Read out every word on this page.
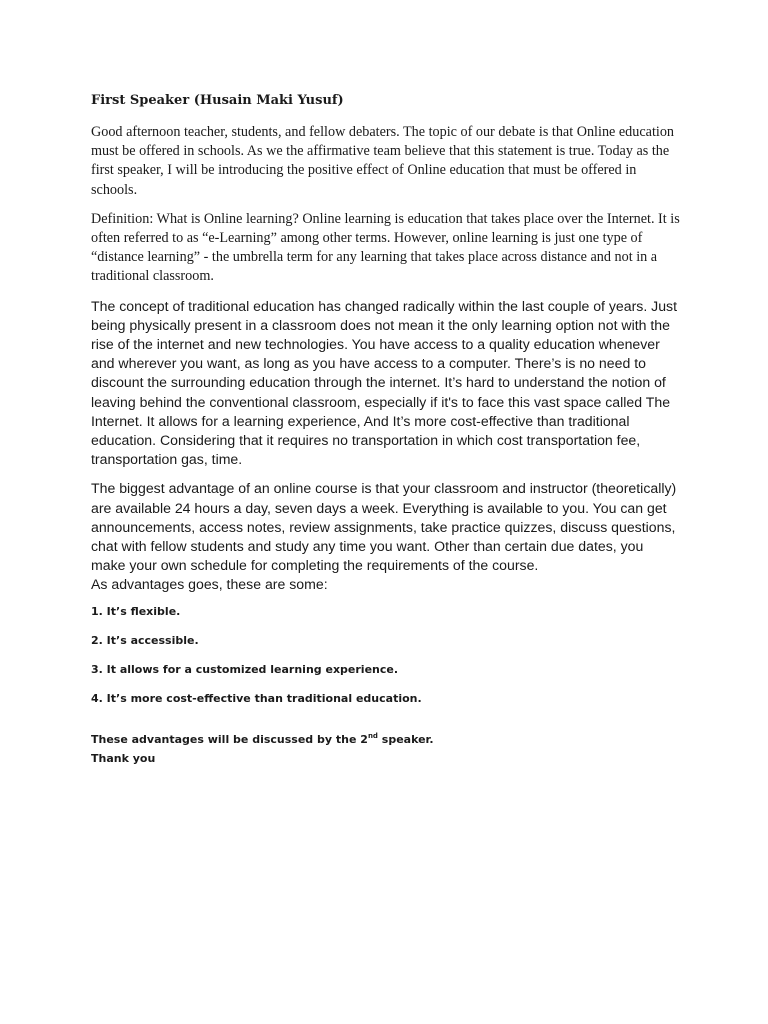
First Speaker (Husain Maki Yusuf)

Good afternoon teacher, students, and fellow debaters. The topic of our debate is that Online education must be offered in schools. As we the affirmative team believe that this statement is true. Today as the first speaker, I will be introducing the positive effect of Online education that must be offered in schools.

Definition: What is Online learning? Online learning is education that takes place over the Internet. It is often referred to as “e-Learning” among other terms. However, online learning is just one type of “distance learning” - the umbrella term for any learning that takes place across distance and not in a traditional classroom.

The concept of traditional education has changed radically within the last couple of years. Just being physically present in a classroom does not mean it the only learning option not with the rise of the internet and new technologies. You have access to a quality education whenever and wherever you want, as long as you have access to a computer. There’s is no need to discount the surrounding education through the internet. It’s hard to understand the notion of leaving behind the conventional classroom, especially if it's to face this vast space called The Internet. It allows for a learning experience, And It’s more cost-effective than traditional education. Considering that it requires no transportation in which cost transportation fee, transportation gas, time.

The biggest advantage of an online course is that your classroom and instructor (theoretically) are available 24 hours a day, seven days a week. Everything is available to you. You can get announcements, access notes, review assignments, take practice quizzes, discuss questions, chat with fellow students and study any time you want. Other than certain due dates, you make your own schedule for completing the requirements of the course.

As advantages goes, these are some:

1. It’s flexible.
2. It’s accessible.
3. It allows for a customized learning experience.
4. It’s more cost-effective than traditional education.
These advantages will be discussed by the 2nd speaker.
Thank you
